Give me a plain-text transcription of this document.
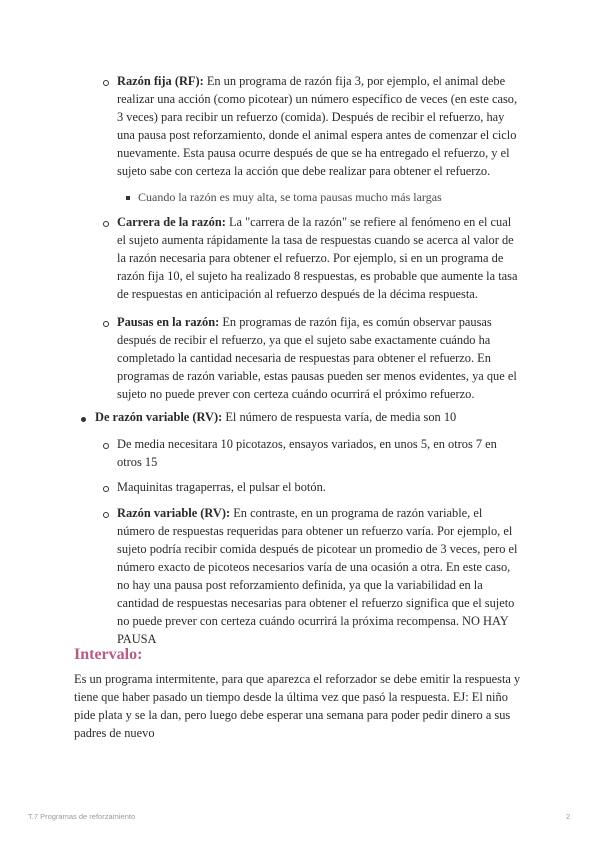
Razón fija (RF): En un programa de razón fija 3, por ejemplo, el animal debe realizar una acción (como picotear) un número específico de veces (en este caso, 3 veces) para recibir un refuerzo (comida). Después de recibir el refuerzo, hay una pausa post reforzamiento, donde el animal espera antes de comenzar el ciclo nuevamente. Esta pausa ocurre después de que se ha entregado el refuerzo, y el sujeto sabe con certeza la acción que debe realizar para obtener el refuerzo.

Cuando la razón es muy alta, se toma pausas mucho más largas

Carrera de la razón: La "carrera de la razón" se refiere al fenómeno en el cual el sujeto aumenta rápidamente la tasa de respuestas cuando se acerca al valor de la razón necesaria para obtener el refuerzo. Por ejemplo, si en un programa de razón fija 10, el sujeto ha realizado 8 respuestas, es probable que aumente la tasa de respuestas en anticipación al refuerzo después de la décima respuesta.

Pausas en la razón: En programas de razón fija, es común observar pausas después de recibir el refuerzo, ya que el sujeto sabe exactamente cuándo ha completado la cantidad necesaria de respuestas para obtener el refuerzo. En programas de razón variable, estas pausas pueden ser menos evidentes, ya que el sujeto no puede prever con certeza cuándo ocurrirá el próximo refuerzo.

De razón variable (RV): El número de respuesta varía, de media son 10

De media necesitara 10 picotazos, ensayos variados, en unos 5, en otros 7 en otros 15

Maquinitas tragaperras, el pulsar el botón.

Razón variable (RV): En contraste, en un programa de razón variable, el número de respuestas requeridas para obtener un refuerzo varía. Por ejemplo, el sujeto podría recibir comida después de picotear un promedio de 3 veces, pero el número exacto de picoteos necesarios varía de una ocasión a otra. En este caso, no hay una pausa post reforzamiento definida, ya que la variabilidad en la cantidad de respuestas necesarias para obtener el refuerzo significa que el sujeto no puede prever con certeza cuándo ocurrirá la próxima recompensa. NO HAY PAUSA

Intervalo:

Es un programa intermitente, para que aparezca el reforzador se debe emitir la respuesta y tiene que haber pasado un tiempo desde la última vez que pasó la respuesta. EJ: El niño pide plata y se la dan, pero luego debe esperar una semana para poder pedir dinero a sus padres de nuevo

T.7 Programas de reforzamiento	2
